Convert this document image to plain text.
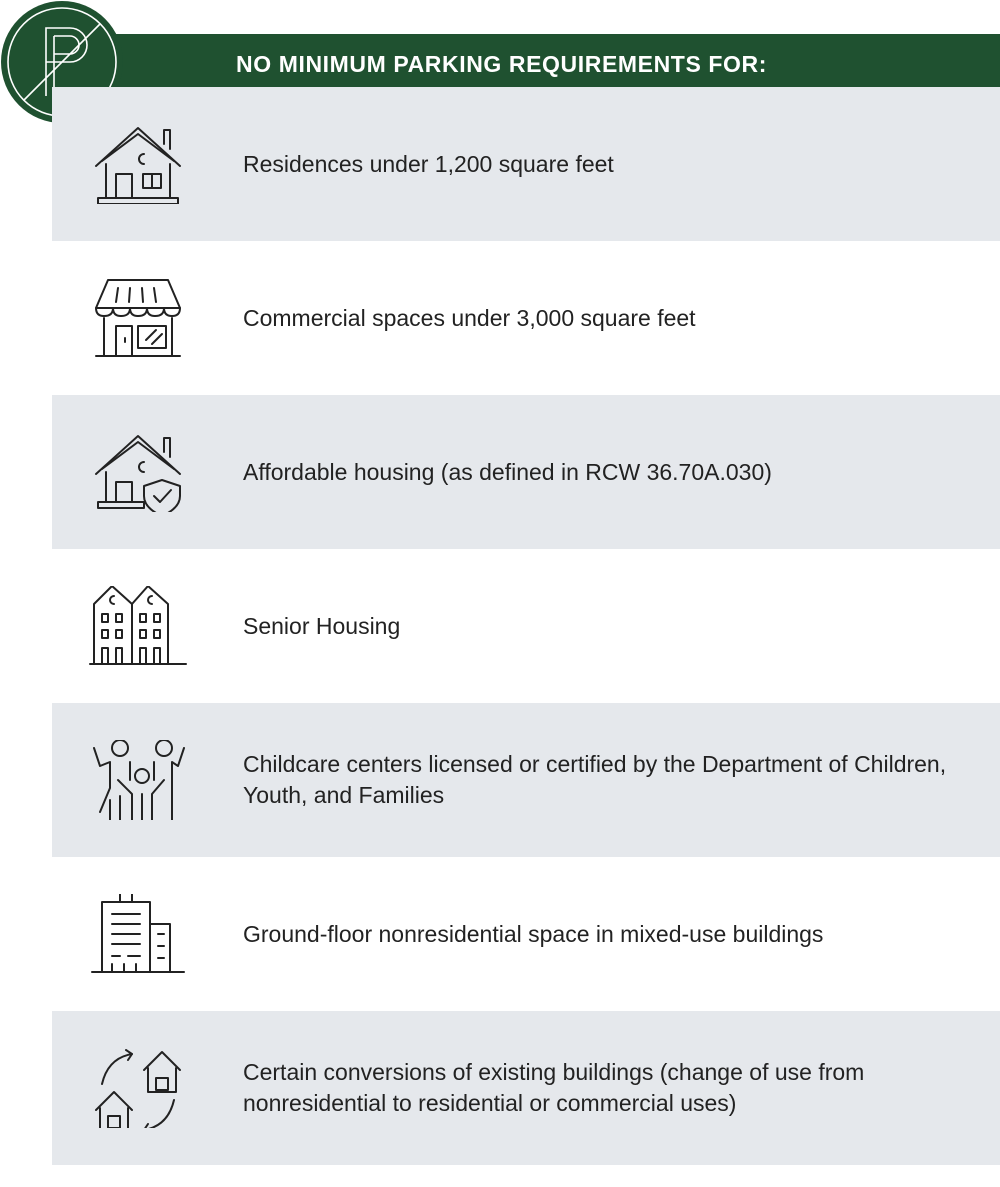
NO MINIMUM PARKING REQUIREMENTS FOR:
Residences under 1,200 square feet
Commercial spaces under 3,000 square feet
Affordable housing (as defined in RCW 36.70A.030)
Senior Housing
Childcare centers licensed or certified by the Department of Children, Youth, and Families
Ground-floor nonresidential space in mixed-use buildings
Certain conversions of existing buildings (change of use from nonresidential to residential or commercial uses)
